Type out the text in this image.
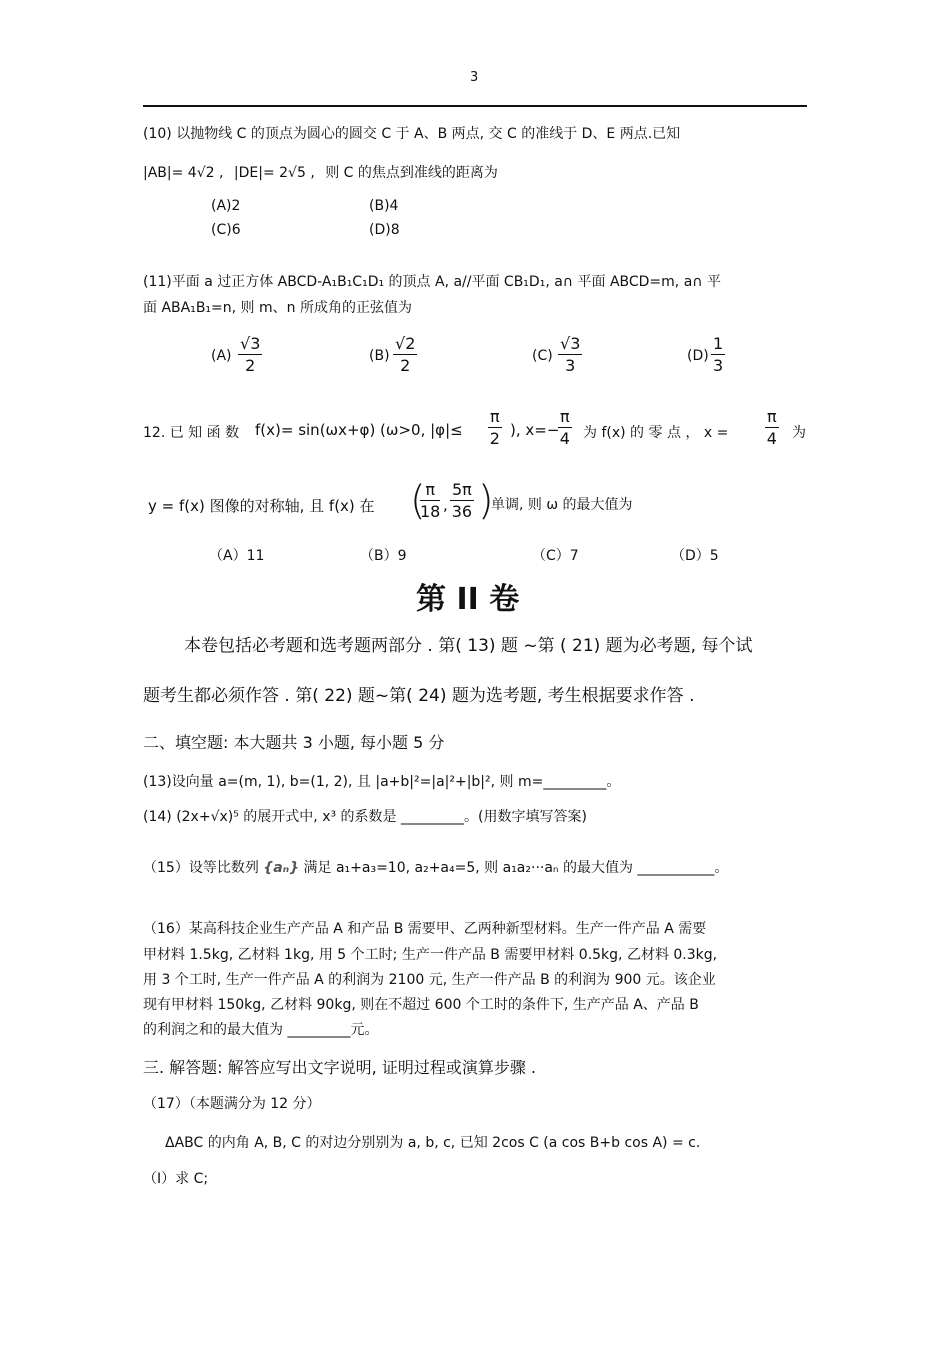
3
(10) 以抛物线 C 的顶点为圆心的圆交 C 于 A、B 两点, 交 C 的准线于 D、E 两点.已知
|AB|= 4√2 , |DE|= 2√5 , 则 C 的焦点到准线的距离为
(A)2	(B)4
(C)6	(D)8
(11)平面 a 过正方体 ABCD-A₁B₁C₁D₁ 的顶点 A, a//平面 CB₁D₁, a∩ 平面 ABCD=m, a∩ 平
面 ABA₁B₁=n, 则 m、n 所成角的正弦值为
$(A) \frac{√3}{2}$	$(B) \frac{√2}{2}$	$(C) \frac{√3}{3}$	$(D) \frac{1}{3}$
12. 已 知 函 数 f(x)= sin(ωx+φ) (ω>0, $|\varphi|\le \frac{\pi}{2}$ ), x=−
$\frac{\pi}{4}$ 为 f(x) 的 零 点 ， $x = \frac{\pi}{4}$ 为
y = f(x) 图像的对称轴, 且 f(x) 在 (
$\frac{\pi}{18}$ , $\frac{5\pi}{36}$ )
单调, 则 ω 的最大值为
（A）11	（B）9	（C）7	（D）5
第 II 卷
本卷包括必考题和选考题两部分 . 第( 13) 题 ~第 ( 21) 题为必考题, 每个试
题考生都必须作答 . 第( 22) 题~第( 24) 题为选考题, 考生根据要求作答 .
二、填空题: 本大题共 3 小题, 每小题 5 分
(13)设向量 a=(m, 1), b=(1, 2), 且 |a+b|²=|a|²+|b|², 则 m=_________。
(14) (2x+√x)⁵ 的展开式中, x³ 的系数是 _________。(用数字填写答案)
（15）设等比数列 {aₙ} 满足 a₁+a₃=10, a₂+a₄=5, 则 a₁a₂···aₙ 的最大值为 ___________。
（16）某高科技企业生产产品 A 和产品 B 需要甲、乙两种新型材料。生产一件产品 A 需要
甲材料 1.5kg, 乙材料 1kg, 用 5 个工时; 生产一件产品 B 需要甲材料 0.5kg, 乙材料 0.3kg,
用 3 个工时, 生产一件产品 A 的利润为 2100 元, 生产一件产品 B 的利润为 900 元。该企业
现有甲材料 150kg, 乙材料 90kg, 则在不超过 600 个工时的条件下, 生产产品 A、产品 B
的利润之和的最大值为 _________元。
三. 解答题: 解答应写出文字说明, 证明过程或演算步骤 .
（17）（本题满分为 12 分）
ΔABC 的内角 A, B, C 的对边分别别为 a, b, c, 已知 2cos C (a cos B+b cos A) = c.
（I）求 C;
